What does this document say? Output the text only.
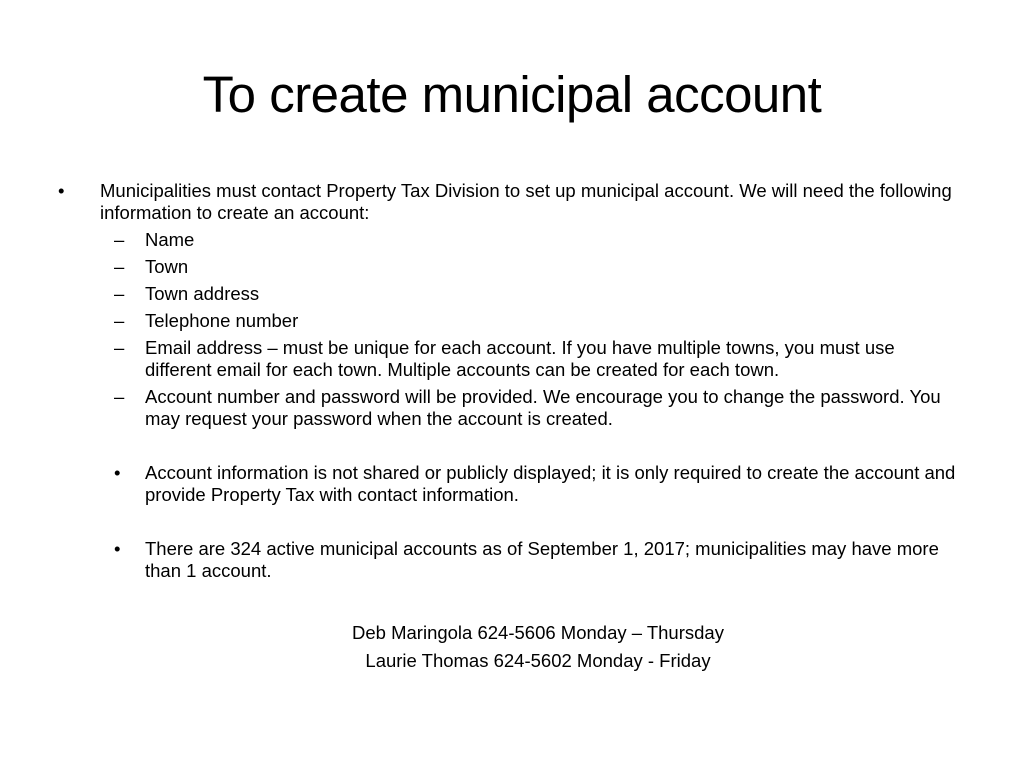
To create municipal account
• Municipalities must contact Property Tax Division to set up municipal account. We will need the following information to create an account:
– Name
– Town
– Town address
– Telephone number
– Email address – must be unique for each account. If you have multiple towns, you must use different email for each town. Multiple accounts can be created for each town.
– Account number and password will be provided. We encourage you to change the password. You may request your password when the account is created.
• Account information is not shared or publicly displayed; it is only required to create the account and provide Property Tax with contact information.
• There are 324 active municipal accounts as of September 1, 2017; municipalities may have more than 1 account.
Deb Maringola 624-5606 Monday – Thursday
Laurie Thomas 624-5602 Monday - Friday
